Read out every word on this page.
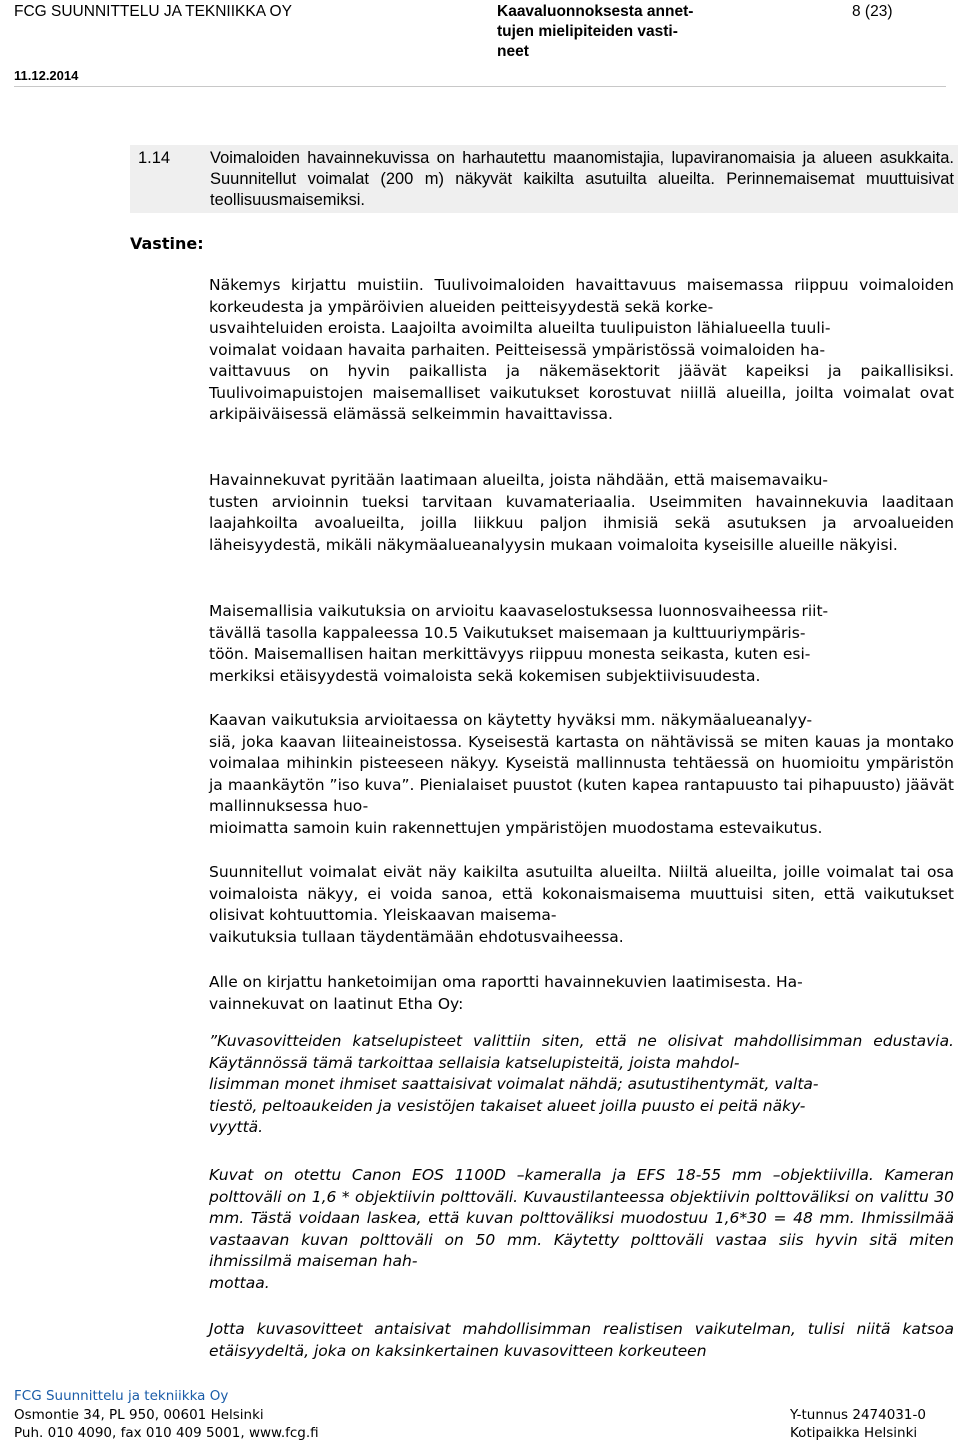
FCG SUUNNITTELU JA TEKNIIKKA OY	Kaavaluonnoksesta annet-
tujen mielipiteiden vasti-
neet
8 (23)
11.12.2014
1.14 Voimaloiden havainnekuvissa on harhautettu maanomistajia, lupaviranomaisia ja alueen asukkaita. Suunnitellut voimalat (200 m) näkyvät kaikilta asutuilta alueilta. Perinnemaisemat muuttuisivat teollisuusmaisemiksi.
Vastine:

Näkemys kirjattu muistiin. Tuulivoimaloiden havaittavuus maisemassa riippuu voimaloiden korkeudesta ja ympäröivien alueiden peitteisyydestä sekä korke-
usvaihteluiden eroista. Laajoilta avoimilta alueilta tuulipuiston lähialueella tuuli-
voimalat voidaan havaita parhaiten. Peitteisessä ympäristössä voimaloiden ha-
vaittavuus on hyvin paikallista ja näkemäsektorit jäävät kapeiksi ja paikallisiksi. Tuulivoimapuistojen maisemalliset vaikutukset korostuvat niillä alueilla, joilta voimalat ovat arkipäiväisessä elämässä selkeimmin havaittavissa.

Havainnekuvat pyritään laatimaan alueilta, joista nähdään, että maisemavaiku-
tusten arvioinnin tueksi tarvitaan kuvamateriaalia. Useimmiten havainnekuvia laaditaan laajahkoilta avoalueilta, joilla liikkuu paljon ihmisiä sekä asutuksen ja arvoalueiden läheisyydestä, mikäli näkymäalueanalyysin mukaan voimaloita kyseisille alueille näkyisi.

Maisemallisia vaikutuksia on arvioitu kaavaselostuksessa luonnosvaiheessa riit-
tävällä tasolla kappaleessa 10.5 Vaikutukset maisemaan ja kulttuuriympäris-
töön. Maisemallisen haitan merkittävyys riippuu monesta seikasta, kuten esi-
merkiksi etäisyydestä voimaloista sekä kokemisen subjektiivisuudesta.

Kaavan vaikutuksia arvioitaessa on käytetty hyväksi mm. näkymäalueanalyy-
siä, joka kaavan liiteaineistossa. Kyseisestä kartasta on nähtävissä se miten kauas ja montako voimalaa mihinkin pisteeseen näkyy. Kyseistä mallinnusta tehtäessä on huomioitu ympäristön ja maankäytön ”iso kuva”. Pienialaiset puustot (kuten kapea rantapuusto tai pihapuusto) jäävät mallinnuksessa huo-
mioimatta samoin kuin rakennettujen ympäristöjen muodostama estevaikutus.

Suunnitellut voimalat eivät näy kaikilta asutuilta alueilta. Niiltä alueilta, joille voimalat tai osa voimaloista näkyy, ei voida sanoa, että kokonaismaisema muuttuisi siten, että vaikutukset olisivat kohtuuttomia. Yleiskaavan maisema-
vaikutuksia tullaan täydentämään ehdotusvaiheessa.

Alle on kirjattu hanketoimijan oma raportti havainnekuvien laatimisesta. Ha-
vainnekuvat on laatinut Etha Oy:

”Kuvasovitteiden katselupisteet valittiin siten, että ne olisivat mahdollisimman edustavia. Käytännössä tämä tarkoittaa sellaisia katselupisteitä, joista mahdol-
lisimman monet ihmiset saattaisivat voimalat nähdä; asutustihentymät, valta-
tiestö, peltoaukeiden ja vesistöjen takaiset alueet joilla puusto ei peitä näky-
vyyttä.

Kuvat on otettu Canon EOS 1100D –kameralla ja EFS 18-55 mm –objektiivilla. Kameran polttoväli on 1,6 * objektiivin polttoväli. Kuvaustilanteessa objektiivin polttoväliksi on valittu 30 mm. Tästä voidaan laskea, että kuvan polttoväliksi muodostuu 1,6*30 = 48 mm. Ihmissilmää vastaavan kuvan polttoväli on 50 mm. Käytetty polttoväli vastaa siis hyvin sitä miten ihmissilmä maiseman hah-
mottaa.

Jotta kuvasovitteet antaisivat mahdollisimman realistisen vaikutelman, tulisi niitä katsoa etäisyydeltä, joka on kaksinkertainen kuvasovitteen korkeuteen

FCG Suunnittelu ja tekniikka Oy
Osmontie 34, PL 950, 00601 Helsinki
Puh. 010 4090, fax 010 409 5001, www.fcg.fi
Y-tunnus 2474031-0
Kotipaikka Helsinki
